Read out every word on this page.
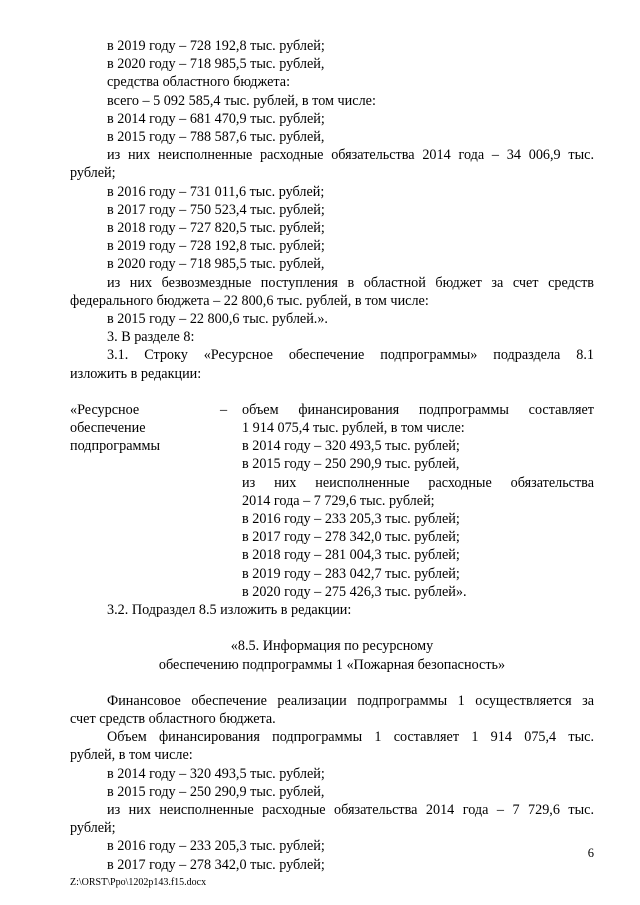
в 2019 году – 728 192,8 тыс. рублей;

в 2020 году – 718 985,5 тыс. рублей,

средства областного бюджета:

всего – 5 092 585,4 тыс. рублей, в том числе:

в 2014 году – 681 470,9 тыс. рублей;

в 2015 году – 788 587,6 тыс. рублей,

из них неисполненные расходные обязательства 2014 года – 34 006,9 тыс.

рублей;

в 2016 году – 731 011,6 тыс. рублей;

в 2017 году – 750 523,4 тыс. рублей;

в 2018 году – 727 820,5 тыс. рублей;

в 2019 году – 728 192,8 тыс. рублей;

в 2020 году – 718 985,5 тыс. рублей,

из них безвозмездные поступления в областной бюджет за счет средств

федерального бюджета – 22 800,6 тыс. рублей, в том числе:

в 2015 году – 22 800,6 тыс. рублей.».

3. В разделе 8:

3.1. Строку «Ресурсное обеспечение подпрограммы» подраздела 8.1

изложить в редакции:

«Ресурсное

обеспечение

подпрограммы

–	объем финансирования подпрограммы составляет

1 914 075,4 тыс. рублей, в том числе:

в 2014 году – 320 493,5 тыс. рублей;

в 2015 году – 250 290,9 тыс. рублей,

из них неисполненные расходные обязательства

2014 года – 7 729,6 тыс. рублей;

в 2016 году – 233 205,3 тыс. рублей;

в 2017 году – 278 342,0 тыс. рублей;

в 2018 году – 281 004,3 тыс. рублей;

в 2019 году – 283 042,7 тыс. рублей;

в 2020 году – 275 426,3 тыс. рублей».

3.2. Подраздел 8.5 изложить в редакции:

«8.5. Информация по ресурсному

обеспечению подпрограммы 1 «Пожарная безопасность»

Финансовое обеспечение реализации подпрограммы 1 осуществляется за

счет средств областного бюджета.

Объем финансирования подпрограммы 1 составляет 1 914 075,4 тыс.

рублей, в том числе:

в 2014 году – 320 493,5 тыс. рублей;

в 2015 году – 250 290,9 тыс. рублей,

из них неисполненные расходные обязательства 2014 года – 7 729,6 тыс.

рублей;

в 2016 году – 233 205,3 тыс. рублей;

в 2017 году – 278 342,0 тыс. рублей;

6
Z:\ORST\Ppo\1202p143.f15.docx
